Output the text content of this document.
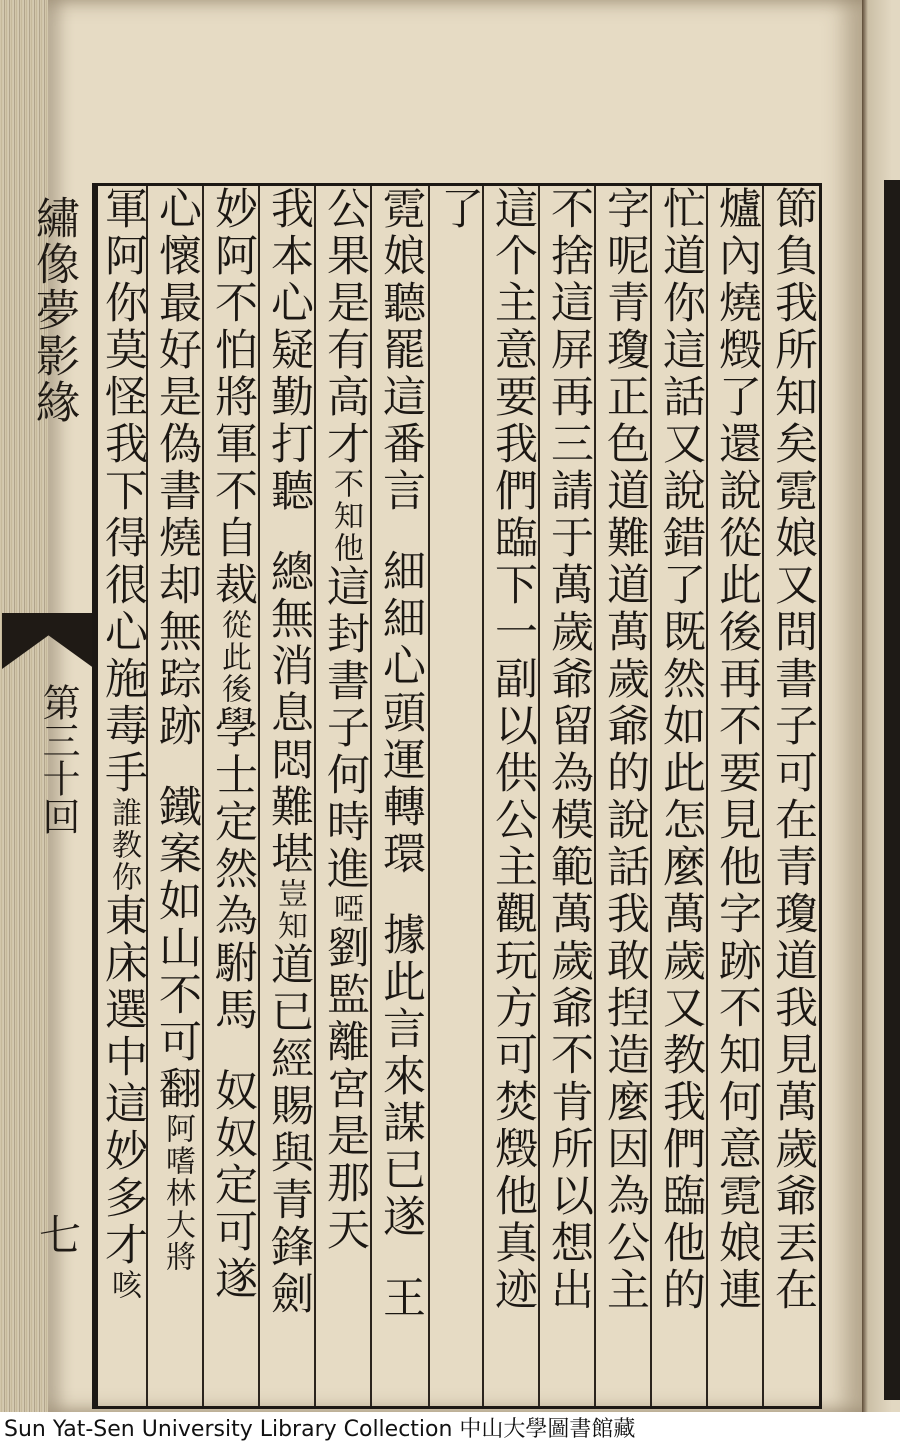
繡像夢影緣
第三十回
七	節負我所知矣霓娘又問書子可在青瓊道我見萬歲爺丟在
爐內燒燬了還說從此後再不要見他字跡不知何意霓娘連
忙道你這話又說錯了既然如此怎麼萬歲又教我們臨他的
字呢青瓊正色道難道萬歲爺的說話我敢揑造麼因為公主
不捨這屏再三請于萬歲爺留為模範萬歲爺不肯所以想出
這个主意要我們臨下一副以供公主觀玩方可焚燬他真迹
了
霓娘聽罷這番言細細心頭運轉環據此言來謀已遂王
公果是有高才不知他這封書子何時進啞劉監離宮是那天
我本心疑勤打聽總無消息悶難堪豈知道已經賜與青鋒劍
妙阿不怕將軍不自裁從此後學士定然為駙馬奴奴定可遂
心懷最好是偽書燒却無踪跡鐵案如山不可翻阿嗜林大將
軍阿你莫怪我下得很心施毒手誰教你東床選中這妙多才咳
Sun Yat-Sen University Library Collection 中山大學圖書館藏
